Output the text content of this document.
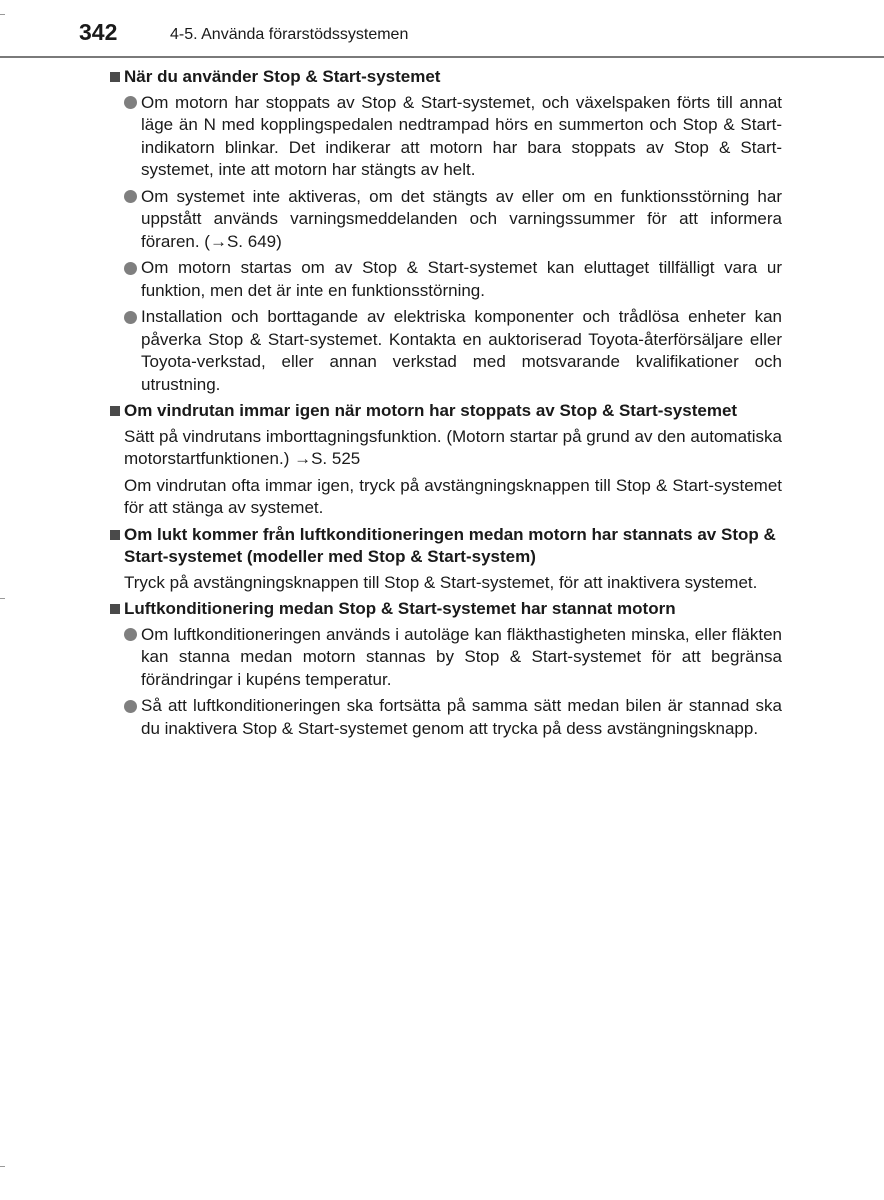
342	4-5. Använda förarstödssystemen
När du använder Stop & Start-systemet
Om motorn har stoppats av Stop & Start-systemet, och växelspaken förts till annat läge än N med kopplingspedalen nedtrampad hörs en summerton och Stop & Start-indikatorn blinkar. Det indikerar att motorn har bara stoppats av Stop & Start-systemet, inte att motorn har stängts av helt.
Om systemet inte aktiveras, om det stängts av eller om en funktionsstörning har uppstått används varningsmeddelanden och varningssummer för att informera föraren. (→S. 649)
Om motorn startas om av Stop & Start-systemet kan eluttaget tillfälligt vara ur funktion, men det är inte en funktionsstörning.
Installation och borttagande av elektriska komponenter och trådlösa enheter kan påverka Stop & Start-systemet. Kontakta en auktoriserad Toyota-återförsäljare eller Toyota-verkstad, eller annan verkstad med motsvarande kvalifikationer och utrustning.
Om vindrutan immar igen när motorn har stoppats av Stop & Start-systemet
Sätt på vindrutans imborttagningsfunktion. (Motorn startar på grund av den automatiska motorstartfunktionen.) →S. 525
Om vindrutan ofta immar igen, tryck på avstängningsknappen till Stop & Start-systemet för att stänga av systemet.
Om lukt kommer från luftkonditioneringen medan motorn har stannats av Stop & Start-systemet (modeller med Stop & Start-system)
Tryck på avstängningsknappen till Stop & Start-systemet, för att inaktivera systemet.
Luftkonditionering medan Stop & Start-systemet har stannat motorn
Om luftkonditioneringen används i autoläge kan fläkthastigheten minska, eller fläkten kan stanna medan motorn stannas by Stop & Start-systemet för att begränsa förändringar i kupéns temperatur.
Så att luftkonditioneringen ska fortsätta på samma sätt medan bilen är stannad ska du inaktivera Stop & Start-systemet genom att trycka på dess avstängningsknapp.
